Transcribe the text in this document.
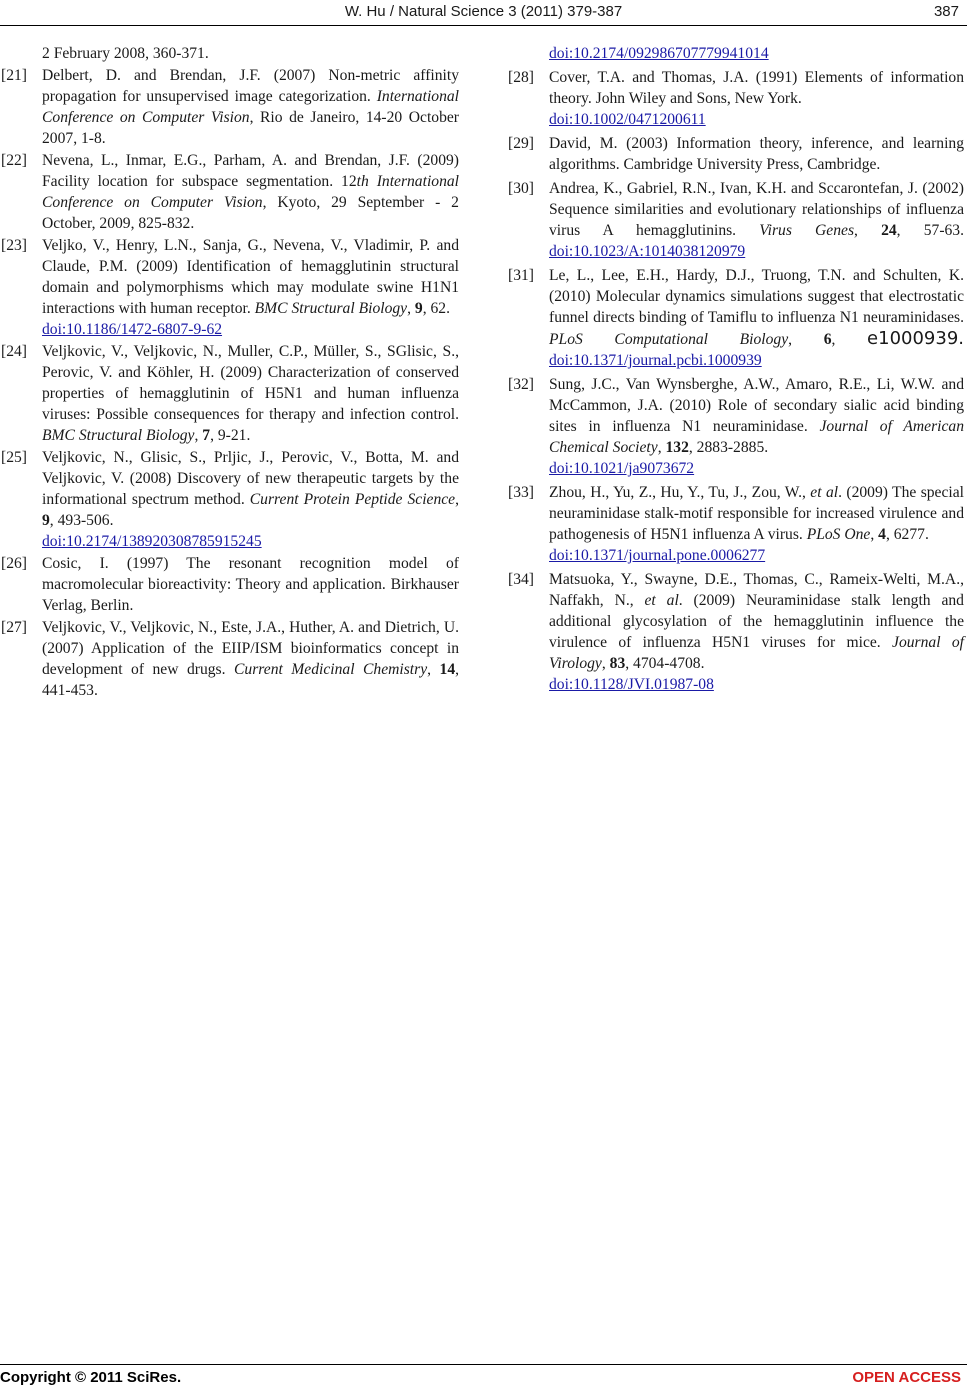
W. Hu / Natural Science 3 (2011) 379-387	387

2 February 2008, 360-371.

[21] Delbert, D. and Brendan, J.F. (2007) Non-metric affinity propagation for unsupervised image categorization. International Conference on Computer Vision, Rio de Janeiro, 14-20 October 2007, 1-8.

[22] Nevena, L., Inmar, E.G., Parham, A. and Brendan, J.F. (2009) Facility location for subspace segmentation. 12th International Conference on Computer Vision, Kyoto, 29 September - 2 October, 2009, 825-832.

[23] Veljko, V., Henry, L.N., Sanja, G., Nevena, V., Vladimir, P. and Claude, P.M. (2009) Identification of hemagglutinin structural domain and polymorphisms which may modulate swine H1N1 interactions with human receptor. BMC Structural Biology, 9, 62.
doi:10.1186/1472-6807-9-62

[24] Veljkovic, V., Veljkovic, N., Muller, C.P., Müller, S., SGlisic, S., Perovic, V. and Köhler, H. (2009) Characterization of conserved properties of hemagglutinin of H5N1 and human influenza viruses: Possible consequences for therapy and infection control. BMC Structural Biology, 7, 9-21.

[25] Veljkovic, N., Glisic, S., Prljic, J., Perovic, V., Botta, M. and Veljkovic, V. (2008) Discovery of new therapeutic targets by the informational spectrum method. Current Protein Peptide Science, 9, 493-506.
doi:10.2174/138920308785915245

[26] Cosic, I. (1997) The resonant recognition model of macromolecular bioreactivity: Theory and application. Birkhauser Verlag, Berlin.

[27] Veljkovic, V., Veljkovic, N., Este, J.A., Huther, A. and Dietrich, U. (2007) Application of the EIIP/ISM bioinformatics concept in development of new drugs. Current Medicinal Chemistry, 14, 441-453.

doi:10.2174/092986707779941014

[28] Cover, T.A. and Thomas, J.A. (1991) Elements of information theory. John Wiley and Sons, New York.
doi:10.1002/0471200611

[29] David, M. (2003) Information theory, inference, and learning algorithms. Cambridge University Press, Cambridge.

[30] Andrea, K., Gabriel, R.N., Ivan, K.H. and Sccarontefan, J. (2002) Sequence similarities and evolutionary relationships of influenza virus A hemagglutinins. Virus Genes, 24, 57-63. doi:10.1023/A:1014038120979

[31] Le, L., Lee, E.H., Hardy, D.J., Truong, T.N. and Schulten, K. (2010) Molecular dynamics simulations suggest that electrostatic funnel directs binding of Tamiflu to influenza N1 neuraminidases. PLoS Computational Biology, 6, e1000939. doi:10.1371/journal.pcbi.1000939

[32] Sung, J.C., Van Wynsberghe, A.W., Amaro, R.E., Li, W.W. and McCammon, J.A. (2010) Role of secondary sialic acid binding sites in influenza N1 neuraminidase. Journal of American Chemical Society, 132, 2883-2885.
doi:10.1021/ja9073672

[33] Zhou, H., Yu, Z., Hu, Y., Tu, J., Zou, W., et al. (2009) The special neuraminidase stalk-motif responsible for increased virulence and pathogenesis of H5N1 influenza A virus. PLoS One, 4, 6277.
doi:10.1371/journal.pone.0006277

[34] Matsuoka, Y., Swayne, D.E., Thomas, C., Rameix-Welti, M.A., Naffakh, N., et al. (2009) Neuraminidase stalk length and additional glycosylation of the hemagglutinin influence the virulence of influenza H5N1 viruses for mice. Journal of Virology, 83, 4704-4708.
doi:10.1128/JVI.01987-08

Copyright © 2011 SciRes.	OPEN ACCESS
